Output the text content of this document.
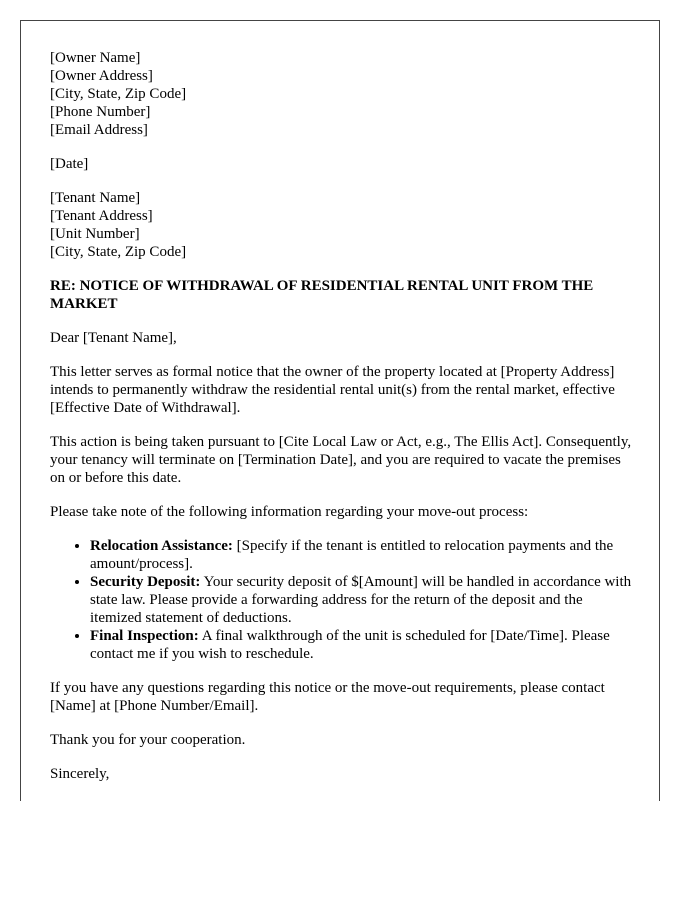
[Owner Name]
[Owner Address]
[City, State, Zip Code]
[Phone Number]
[Email Address]
[Date]
[Tenant Name]
[Tenant Address]
[Unit Number]
[City, State, Zip Code]
RE: NOTICE OF WITHDRAWAL OF RESIDENTIAL RENTAL UNIT FROM THE MARKET

Dear [Tenant Name],

This letter serves as formal notice that the owner of the property located at [Property Address] intends to permanently withdraw the residential rental unit(s) from the rental market, effective [Effective Date of Withdrawal].

This action is being taken pursuant to [Cite Local Law or Act, e.g., The Ellis Act]. Consequently, your tenancy will terminate on [Termination Date], and you are required to vacate the premises on or before this date.

Please take note of the following information regarding your move-out process:

• Relocation Assistance: [Specify if the tenant is entitled to relocation payments and the amount/process].
• Security Deposit: Your security deposit of $[Amount] will be handled in accordance with state law. Please provide a forwarding address for the return of the deposit and the itemized statement of deductions.
• Final Inspection: A final walkthrough of the unit is scheduled for [Date/Time]. Please contact me if you wish to reschedule.

If you have any questions regarding this notice or the move-out requirements, please contact [Name] at [Phone Number/Email].

Thank you for your cooperation.

Sincerely,
